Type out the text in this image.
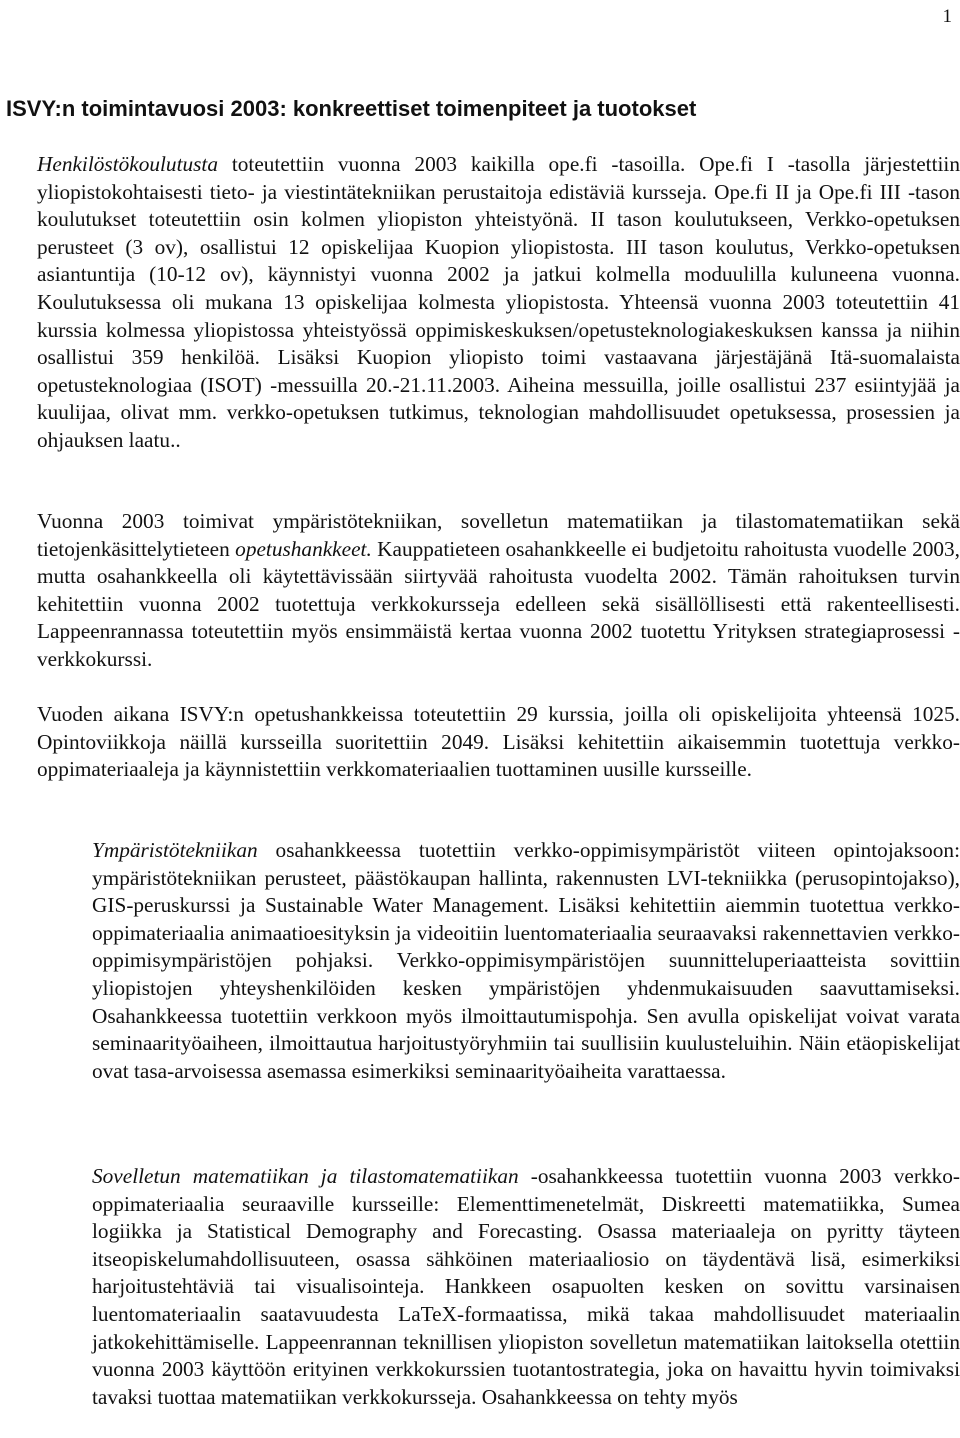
1
ISVY:n toimintavuosi 2003: konkreettiset toimenpiteet ja tuotokset

Henkilöstökoulutusta toteutettiin vuonna 2003 kaikilla ope.fi -tasoilla. Ope.fi I -tasolla järjestettiin yliopistokohtaisesti tieto- ja viestintätekniikan perustaitoja edistäviä kursseja. Ope.fi II ja Ope.fi III -tason koulutukset toteutettiin osin kolmen yliopiston yhteistyönä. II tason koulutukseen, Verkko-opetuksen perusteet (3 ov), osallistui 12 opiskelijaa Kuopion yliopistosta. III tason koulutus, Verkko-opetuksen asiantuntija (10-12 ov), käynnistyi vuonna 2002 ja jatkui kolmella moduulilla kuluneena vuonna. Koulutuksessa oli mukana 13 opiskelijaa kolmesta yliopistosta. Yhteensä vuonna 2003 toteutettiin 41 kurssia kolmessa yliopistossa yhteistyössä oppimiskeskuksen/opetusteknologiakeskuksen kanssa ja niihin osallistui 359 henkilöä. Lisäksi Kuopion yliopisto toimi vastaavana järjestäjänä Itä-suomalaista opetusteknologiaa (ISOT) -messuilla 20.-21.11.2003. Aiheina messuilla, joille osallistui 237 esiintyjää ja kuulijaa, olivat mm. verkko-opetuksen tutkimus, teknologian mahdollisuudet opetuksessa, prosessien ja ohjauksen laatu..

Vuonna 2003 toimivat ympäristötekniikan, sovelletun matematiikan ja tilastomatematiikan sekä tietojenkäsittelytieteen opetushankkeet. Kauppatieteen osahankkeelle ei budjetoitu rahoitusta vuodelle 2003, mutta osahankkeella oli käytettävissään siirtyvää rahoitusta vuodelta 2002. Tämän rahoituksen turvin kehitettiin vuonna 2002 tuotettuja verkkokursseja edelleen sekä sisällöllisesti että rakenteellisesti. Lappeenrannassa toteutettiin myös ensimmäistä kertaa vuonna 2002 tuotettu Yrityksen strategiaprosessi -verkkokurssi.

Vuoden aikana ISVY:n opetushankkeissa toteutettiin 29 kurssia, joilla oli opiskelijoita yhteensä 1025. Opintoviikkoja näillä kursseilla suoritettiin 2049. Lisäksi kehitettiin aikaisemmin tuotettuja verkko-oppimateriaaleja ja käynnistettiin verkkomateriaalien tuottaminen uusille kursseille.

Ympäristötekniikan osahankkeessa tuotettiin verkko-oppimisympäristöt viiteen opintojaksoon: ympäristötekniikan perusteet, päästökaupan hallinta, rakennusten LVI-tekniikka (perusopintojakso), GIS-peruskurssi ja Sustainable Water Management. Lisäksi kehitettiin aiemmin tuotettua verkko-oppimateriaalia animaatioesityksin ja videoitiin luentomateriaalia seuraavaksi rakennettavien verkko-oppimisympäristöjen pohjaksi. Verkko-oppimisympäristöjen suunnitteluperiaatteista sovittiin yliopistojen yhteyshenkilöiden kesken ympäristöjen yhdenmukaisuuden saavuttamiseksi. Osahankkeessa tuotettiin verkkoon myös ilmoittautumispohja. Sen avulla opiskelijat voivat varata seminaarityöaiheen, ilmoittautua harjoitustyöryhmiin tai suullisiin kuulusteluihin. Näin etäopiskelijat ovat tasa-arvoisessa asemassa esimerkiksi seminaarityöaiheita varattaessa.

Sovelletun matematiikan ja tilastomatematiikan -osahankkeessa tuotettiin vuonna 2003 verkko-oppimateriaalia seuraaville kursseille: Elementtimenetelmät, Diskreetti matematiikka, Sumea logiikka ja Statistical Demography and Forecasting. Osassa materiaaleja on pyritty täyteen itseopiskelumahdollisuuteen, osassa sähköinen materiaaliosio on täydentävä lisä, esimerkiksi harjoitustehtäviä tai visualisointeja. Hankkeen osapuolten kesken on sovittu varsinaisen luentomateriaalin saatavuudesta LaTeX-formaatissa, mikä takaa mahdollisuudet materiaalin jatkokehittämiselle. Lappeenrannan teknillisen yliopiston sovelletun matematiikan laitoksella otettiin vuonna 2003 käyttöön erityinen verkkokurssien tuotantostrategia, joka on havaittu hyvin toimivaksi tavaksi tuottaa matematiikan verkkokursseja. Osahankkeessa on tehty myös
